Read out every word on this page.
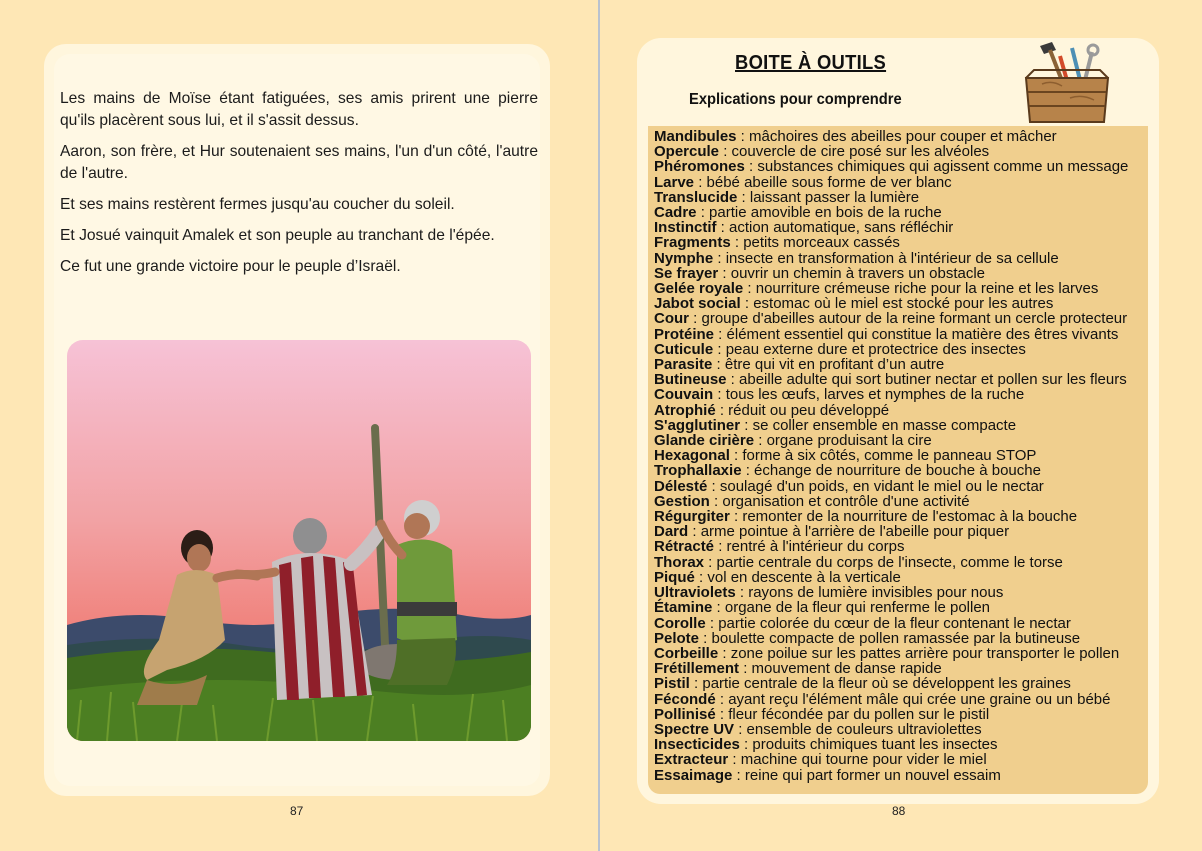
Les mains de Moïse étant fatiguées, ses amis prirent une pierre qu'ils placèrent sous lui, et il s'assit dessus.

Aaron, son frère, et Hur soutenaient ses mains, l'un d'un côté, l'autre de l'autre.

Et ses mains restèrent fermes jusqu'au coucher du soleil.

Et Josué vainquit Amalek et son peuple au tranchant de l'épée.

Ce fut une grande victoire pour le peuple d’Israël.

87
BOITE À OUTILS
Explications pour comprendre
Mandibules : mâchoires des abeilles pour couper et mâcher
Opercule : couvercle de cire posé sur les alvéoles
Phéromones : substances chimiques qui agissent comme un message
Larve : bébé abeille sous forme de ver blanc
Translucide : laissant passer la lumière
Cadre : partie amovible en bois de la ruche
Instinctif : action automatique, sans réfléchir
Fragments : petits morceaux cassés
Nymphe : insecte en transformation à l'intérieur de sa cellule
Se frayer : ouvrir un chemin à travers un obstacle
Gelée royale : nourriture crémeuse riche pour la reine et les larves
Jabot social : estomac où le miel est stocké pour les autres
Cour : groupe d'abeilles autour de la reine formant un cercle protecteur
Protéine : élément essentiel qui constitue la matière des êtres vivants
Cuticule : peau externe dure et protectrice des insectes
Parasite : être qui vit en profitant d’un autre
Butineuse : abeille adulte qui sort butiner nectar et pollen sur les fleurs
Couvain : tous les œufs, larves et nymphes de la ruche
Atrophié : réduit ou peu développé
S'agglutiner : se coller ensemble en masse compacte
Glande cirière : organe produisant la cire
Hexagonal : forme à six côtés, comme le panneau STOP
Trophallaxie : échange de nourriture de bouche à bouche
Délesté : soulagé d'un poids, en vidant le miel ou le nectar
Gestion : organisation et contrôle d'une activité
Régurgiter : remonter de la nourriture de l'estomac à la bouche
Dard : arme pointue à l'arrière de l'abeille pour piquer
Rétracté : rentré à l'intérieur du corps
Thorax : partie centrale du corps de l'insecte, comme le torse
Piqué : vol en descente à la verticale
Ultraviolets : rayons de lumière invisibles pour nous
Étamine : organe de la fleur qui renferme le pollen
Corolle : partie colorée du cœur de la fleur contenant le nectar
Pelote : boulette compacte de pollen ramassée par la butineuse
Corbeille : zone poilue sur les pattes arrière pour transporter le pollen
Frétillement : mouvement de danse rapide
Pistil : partie centrale de la fleur où se développent les graines
Fécondé : ayant reçu l'élément mâle qui crée une graine ou un bébé
Pollinisé : fleur fécondée par du pollen sur le pistil
Spectre UV : ensemble de couleurs ultraviolettes
Insecticides : produits chimiques tuant les insectes
Extracteur : machine qui tourne pour vider le miel
Essaimage : reine qui part former un nouvel essaim
88
